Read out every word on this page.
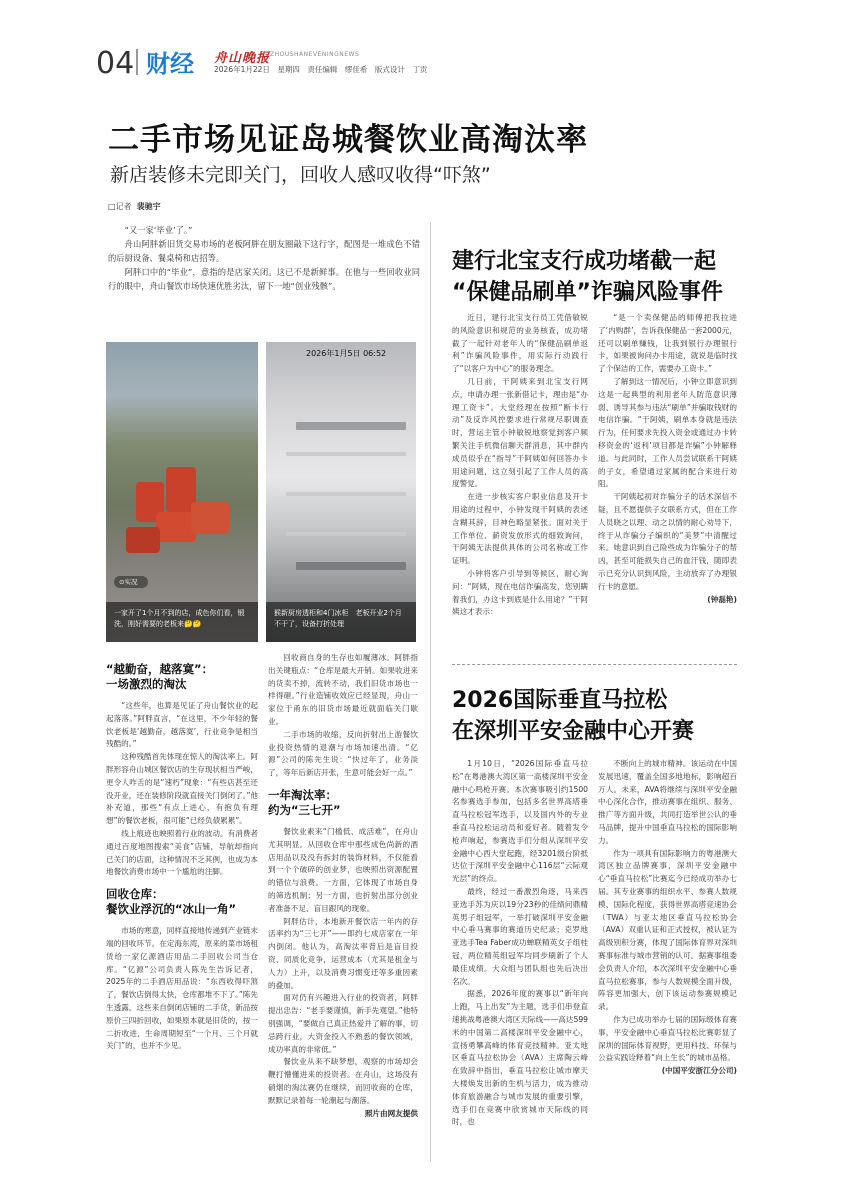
04 财经 舟山晚报 ZHOUSHANEVENINGNEWS
2026年1月22日　星期四　责任编辑　缪佳希　版式设计　丁贡
二手市场见证岛城餐饮业高淘汰率
新店装修未完即关门，回收人感叹收得“吓煞”
□记者 裴驰宇

“又一家‘毕业’了。”

舟山阿胖新旧货交易市场的老板阿胖在朋友圈敲下这行字，配图是一堆成色不错的后厨设备、餐桌椅和店招等。

阿胖口中的“毕业”，意指的是店家关闭。这已不是新鲜事。在他与一些回收业同行的眼中，舟山餐饮市场快速优胜劣汰，留下一地“创业残骸”。

⊙实况
一家开了1个月不到的店，成色你们看，锻洗，刚好需要的老板来🤔🤔
2026年1月5日 06:52
猴新厨房透柜和4门冰柜　老板开业2个月不干了，设备打折处理
“越勤奋，越落寞”：
一场激烈的淘汰

“这些年，也算是见证了舟山餐饮业的起起落落。”阿胖直言，“在这里，不少年轻的餐饮老板是‘越勤奋，越落寞’，行业竞争是相当残酷的。”

这种残酷首先体现在惊人的淘汰率上。阿胖形容舟山城区餐饮店的生存现状相当严峻，更令人咋舌的是“速朽”现象：“有些店甚至还没开业，还在装修阶段就直接关门倒闭了。”他补充道，那些“有点上进心、有抱负有理想”的餐饮老板，很可能“已经负债累累”。

线上痕迹也映照着行业的波动。有消费者通过百度地图搜索“美食”店铺，导航却指向已关门的店面，这种情况不乏其例，也成为本地餐饮消费市场中一个尴尬的注脚。

回收仓库：
餐饮业浮沉的“冰山一角”

市场的寒意，同样直接地传递到产业链末端的回收环节。在定海东湾，原来的菜市场租赁给一家亿源酒店用品二手回收公司当仓库。“亿源”公司负责人陈先生告诉记者，2025年的二手酒店用品说：“东西收得吓煞了，餐饮店倒得太快，仓库都堆不下了。”陈先生透露，这些来自倒闭店铺的二手货，新品按原价三四折回收，如果原本就是旧货的，按一二折收进，生命周期短至“一个月、三个月就关门”的，也并不少见。

回收商自身的生存也如履薄冰。阿胖指出关键瓶点：“仓库是最大开销。如果收进来的货卖不掉，流转不动，我们旧货市场也一样得砸。”行业造铺收效应已经显现，舟山一家位于甬东的旧货市场最近就面临关门歇业。

二手市场的收缩，反向折射出上游餐饮业投资热情的退潮与市场加速出清。“亿源”公司的陈先生说：“快过年了，业务淡了，等年后新店开张，生意可能会好一点。”

一年淘汰率：
约为“三七开”

餐饮业素来“门槛低、成活难”，在舟山尤其明显。从回收仓库中那些成色尚新的酒店用品以及没有拆封的装饰材料，不仅能看到一个个破碎的创业梦，也映照出资源配置的错位与浪费。一方面，它体现了市场自身的筛选机制；另一方面，也折射出部分创业者准备不足、盲目跟风的现象。

阿胖估计，本地新开餐饮店一年内的存活率约为“三七开”——即约七成店家在一年内倒闭。他认为，高淘汰率背后是盲目投资、同质化竞争，运营成本（尤其是租金与人力）上升，以及消费习惯变迁等多重因素的叠加。

面对仍有兴趣进入行业的投资者，阿胖提出忠告：“老手要谨慎，新手先观望。”他特别强调，“要做自己真正热爱并了解的事，切忌跨行业，大资金投入不熟悉的餐饮领域，成功率真的非常低。”

餐饮业从来不缺梦想，观察的市场却会鞭打懵懂进来的投资者。在舟山，这场没有硝烟的淘汰赛仍在继续，而回收商的仓库，默默记录着每一轮潮起与潮落。

照片由网友提供
建行北宝支行成功堵截一起
“保健品刷单”诈骗风险事件

近日，建行北宝支行员工凭借敏锐的风险意识和规范的业务核查，成功堵截了一起针对老年人的“保健品刷单返利”诈骗风险事件，用实际行动践行了“以客户为中心”的服务理念。

几日前，干阿姨来到北宝支行网点，申请办理一张新借记卡，理由是“办理工资卡”。大堂经理在按照“断卡行动”及反诈风控要求进行常规尽职调查时，营运主管小钟敏锐地察觉到客户频繁关注手机微信聊天群消息，其中群内成员似乎在“指导”干阿姨如何回答办卡用途问题，这立刻引起了工作人员的高度警觉。

在进一步核实客户职业信息及开卡用途的过程中，小钟发现干阿姨的表述含糊其辞，目神色略显紧张。面对关于工作单位、薪资发放形式的细致询问，干阿姨无法提供具体的公司名称或工作证明。

小钟将客户引导到等候区，耐心询问：“阿姨，现在电信诈骗高发，您别瞒着我们，办这卡到底是什么用途？”干阿姨这才表示：

“是一个卖保健品的师傅把我拉进了‘内购群’，告诉我保健品一套2000元，还可以刷单赚钱，让我到银行办理银行卡，如果被询问办卡用途，就说是临时找了个保洁的工作，需要办工资卡。”

了解到这一情况后，小钟立即意识到这是一起典型的利用老年人防范意识薄弱、诱导其参与违法“刷单”并骗取钱财的电信诈骗。“干阿姨，刷单本身就是违法行为，任何要求先投入资金或通过办卡转移资金的‘返利’项目都是诈骗”小钟解释道。与此同时，工作人员尝试联系干阿姨的子女，希望通过家属的配合来进行劝阻。

干阿姨起初对诈骗分子的话术深信不疑，且不愿提供子女联系方式，但在工作人员晓之以理、动之以情的耐心劝导下，终于从诈骗分子编织的“美梦”中清醒过来。她意识到自己险些成为诈骗分子的帮凶，甚至可能损失自己的血汗钱，随即表示已充分认识到风险，主动放弃了办理银行卡的意愿。

(钟磊艳)
2026国际垂直马拉松
在深圳平安金融中心开赛

1月10日，“2026国际垂直马拉松”在粤港澳大湾区第一高楼深圳平安金融中心鸣枪开赛。本次赛事吸引约1500名参赛选手参加，包括多名世界高塔垂直马拉松冠军选手，以及国内外的专业垂直马拉松运动员和爱好者。随着发令枪声响起，参赛选手们分组从深圳平安金融中心西大堂起跑，经3201级台阶抵达位于深圳平安金融中心116层“云际观光层”的终点。

最终，经过一番激烈角逐，马来西亚选手苏为庆以19分23秒的佳绩问鼎精英男子组冠军，一举打破深圳平安金融中心垂马赛事的赛道历史纪录；克罗地亚选手Tea Faber成功蝉联精英女子组桂冠，两位精英组冠军均同步刷新了个人最佳成绩。大众组与团队组也先后决出名次。

据悉，2026年度的赛事以“新年向上跑，马上出发”为主题，选手们串登直速挑战粤港澳大湾区天际线——高达599米的中国第二高楼深圳平安金融中心，宣扬勇攀高峰的体育竞技精神。亚太地区垂直马拉松协会（AVA）主席陶云峰在致辞中指出，垂直马拉松让城市摩天大楼焕发出新的生机与活力，成为推动体育旅游融合与城市发展的重要引擎，选手们在竞赛中欣赏城市天际线的同时，也

不断向上的城市精神。该运动在中国发展迅速，覆盖全国多地地标，影响超百万人。未来，AVA将继续与深圳平安金融中心深化合作，推动赛事在组织、服务、推广等方面升级，共同打造举世公认的垂马品牌，提升中国垂直马拉松的国际影响力。

作为一项具有国际影响力的粤港澳大湾区独立品牌赛事，深圳平安金融中心“垂直马拉松”比赛迄今已经成功举办七届。其专业赛事的组织水平、参赛人数规模、国际化程度，获得世界高塔竞速协会（TWA）与亚太地区垂直马拉松协会（AVA）双重认证和正式授权，被认证为高级别积分赛，体现了国际体育界对深圳赛事标准与城市营销的认可。据赛事组委会负责人介绍，本次深圳平安金融中心垂直马拉松赛事，参与人数规模全面升级，阵容更加强大，创下该运动参赛规模记录。

作为已成功举办七届的国际级体育赛事，平安金融中心垂直马拉松比赛彰显了深圳的国际体育视野，更用科技、环保与公益实践诠释着“向上生长”的城市品格。

(中国平安浙江分公司)
